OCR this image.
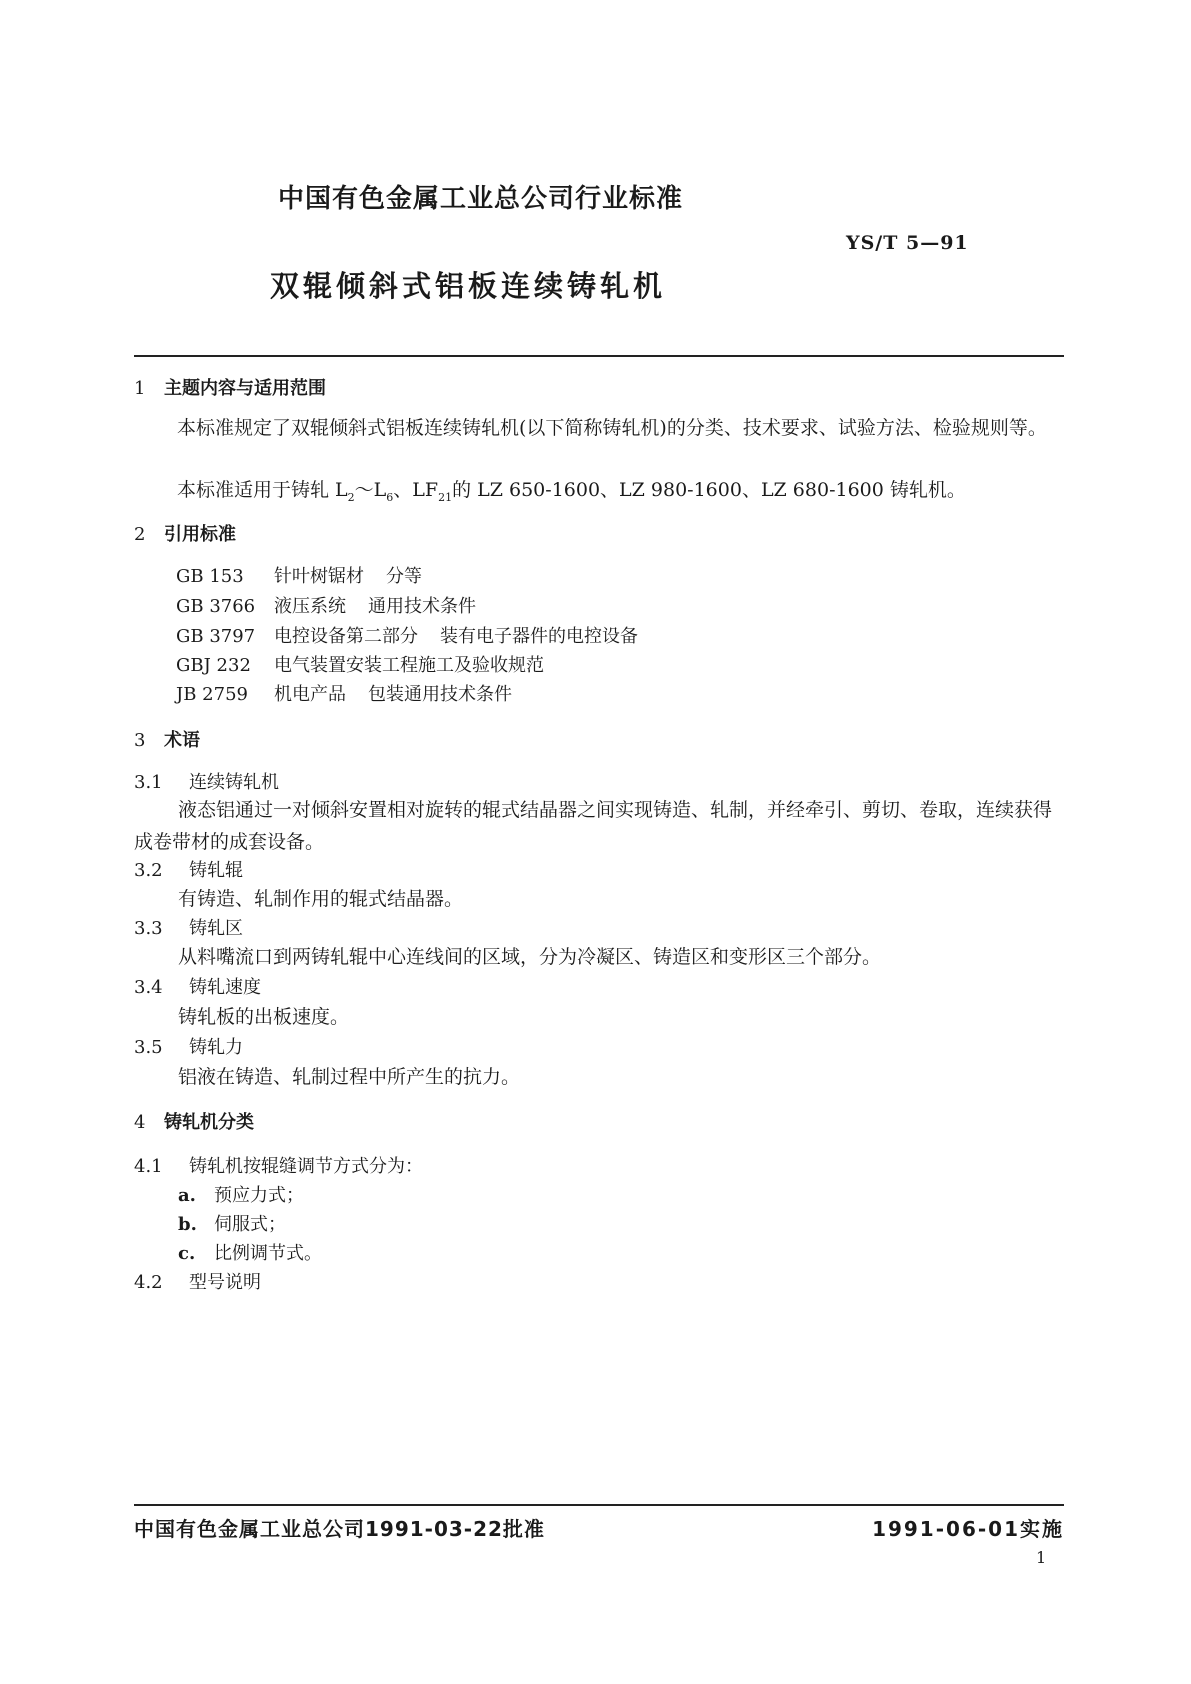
中国有色金属工业总公司行业标准
YS/T 5—91
双辊倾斜式铝板连续铸轧机
1 主题内容与适用范围
本标准规定了双辊倾斜式铝板连续铸轧机(以下简称铸轧机)的分类、技术要求、试验方法、检验规则等。
本标准适用于铸轧 $L_2\sim L_6$、$LF_{21}$的 LZ 650-1600、LZ 980-1600、LZ 680-1600 铸轧机。
2 引用标准
GB 153 针叶树锯材 分等
GB 3766 液压系统 通用技术条件
GB 3797 电控设备第二部分 装有电子器件的电控设备
GBJ 232 电气装置安装工程施工及验收规范
JB 2759 机电产品 包装通用技术条件
3 术语
3.1 连续铸轧机
液态铝通过一对倾斜安置相对旋转的辊式结晶器之间实现铸造、轧制，并经牵引、剪切、卷取，连续获得成卷带材的成套设备。
3.2 铸轧辊
有铸造、轧制作用的辊式结晶器。
3.3 铸轧区
从料嘴流口到两铸轧辊中心连线间的区域，分为冷凝区、铸造区和变形区三个部分。
3.4 铸轧速度
铸轧板的出板速度。
3.5 铸轧力
铝液在铸造、轧制过程中所产生的抗力。
4 铸轧机分类
4.1 铸轧机按辊缝调节方式分为：
a. 预应力式；
b. 伺服式；
c. 比例调节式。
4.2 型号说明
中国有色金属工业总公司1991-03-22批准	1991-06-01实施
1
